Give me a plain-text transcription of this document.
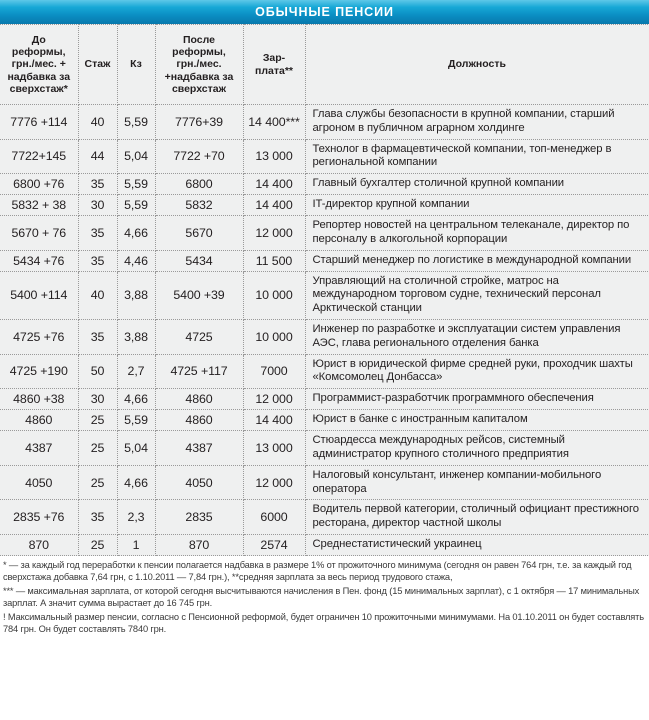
ОБЫЧНЫЕ ПЕНСИИ
До реформы, грн./мес. + надбавка за сверхстаж*	Стаж	Кз	После реформы, грн./мес. +надбавка за сверхстаж	Зар-плата**	Должность
7776 +114	40	5,59	7776+39	14 400***	Глава службы безопасности в крупной компании, старший агроном в публичном аграрном холдинге
7722+145	44	5,04	7722 +70	13 000	Технолог в фармацевтической компании, топ-менеджер в региональной компании
6800 +76	35	5,59	6800	14 400	Главный бухгалтер столичной крупной компании
5832 + 38	30	5,59	5832	14 400	IT-директор крупной компании
5670 + 76	35	4,66	5670	12 000	Репортер новостей на центральном телеканале, директор по персоналу в алкогольной корпорации
5434 +76	35	4,46	5434	11 500	Старший менеджер по логистике в международной компании
5400 +114	40	3,88	5400 +39	10 000	Управляющий на столичной стройке, матрос на международном торговом судне, технический персонал Арктической станции
4725 +76	35	3,88	4725	10 000	Инженер по разработке и эксплуатации систем управления АЭС, глава регионального отделения банка
4725 +190	50	2,7	4725 +117	7000	Юрист в юридической фирме средней руки, проходчик шахты «Комсомолец Донбасса»
4860 +38	30	4,66	4860	12 000	Программист-разработчик программного обеспечения
4860	25	5,59	4860	14 400	Юрист в банке с иностранным капиталом
4387	25	5,04	4387	13 000	Стюардесса международных рейсов, системный администратор крупного столичного предприятия
4050	25	4,66	4050	12 000	Налоговый консультант, инженер компании-мобильного оператора
2835 +76	35	2,3	2835	6000	Водитель первой категории, столичный официант престижного ресторана, директор частной школы
870	25	1	870	2574	Среднестатистический украинец

* — за каждый год переработки к пенсии полагается надбавка в размере 1% от прожиточного минимума (сегодня он равен 764 грн, т.е. за каждый год сверхстажа добавка 7,64 грн, с 1.10.2011 — 7,84 грн.), **средняя зарплата за весь период трудового стажа,

*** — максимальная зарплата, от которой сегодня высчитываются начисления в Пен. фонд (15 минимальных зарплат), с 1 октября — 17 минимальных зарплат. А значит сумма вырастает до 16 745 грн.

! Максимальный размер пенсии, согласно с Пенсионной реформой, будет ограничен 10 прожиточными минимумами. На 01.10.2011 он будет составлять 784 грн. Он будет составлять 7840 грн.
